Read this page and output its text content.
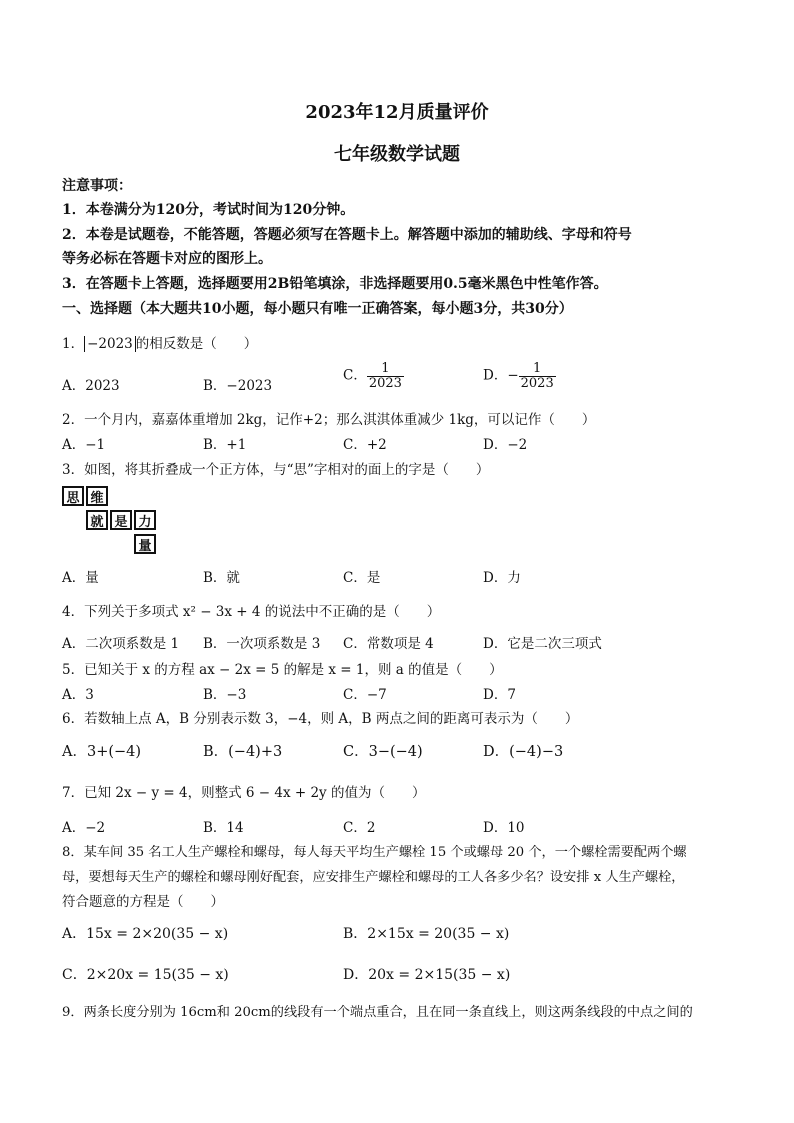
2023年12月质量评价
七年级数学试题
注意事项：
1．本卷满分为120分，考试时间为120分钟。
2．本卷是试题卷，不能答题，答题必须写在答题卡上。解答题中添加的辅助线、字母和符号
等务必标在答题卡对应的图形上。
3．在答题卡上答题，选择题要用2B铅笔填涂，非选择题要用0.5毫米黑色中性笔作答。
一、选择题（本大题共10小题，每小题只有唯一正确答案，每小题3分，共30分）
1． −2023 的相反数是（　　）
A．2023	B．−2023
C． $\frac{1}{2023}$	D．− $\frac{1}{2023}$
2．一个月内，嘉嘉体重增加 2kg，记作+2；那么淇淇体重减少 1kg，可以记作（　　）
A．−1	B．+1	C．+2	D．−2
3．如图，将其折叠成一个正方体，与“思”字相对的面上的字是（　　）
思 维
就 是 力
量
A．量	B．就	C．是	D．力
4．下列关于多项式 x² − 3x + 4 的说法中不正确的是（　　）
A．二次项系数是 1 B．一次项系数是 3 C．常数项是 4	D．它是二次三项式
5．已知关于 x 的方程 ax − 2x = 5 的解是 x = 1，则 a 的值是（　　）
A．3	B．−3	C．−7	D．7
6．若数轴上点 A，B 分别表示数 3，−4，则 A，B 两点之间的距离可表示为（　　）
A．3+(−4)	B．(−4)+3	C．3−(−4)	D．(−4)−3
7．已知 2x − y = 4，则整式 6 − 4x + 2y 的值为（　　）
A．−2	B．14	C．2	D．10
8．某车间 35 名工人生产螺栓和螺母，每人每天平均生产螺栓 15 个或螺母 20 个，一个螺栓需要配两个螺
母，要想每天生产的螺栓和螺母刚好配套，应安排生产螺栓和螺母的工人各多少名？设安排 x 人生产螺栓，
符合题意的方程是（　　）
A．15x = 2×20(35 − x)	B．2×15x = 20(35 − x)
C．2×20x = 15(35 − x)	D．20x = 2×15(35 − x)
9．两条长度分别为 16cm和 20cm的线段有一个端点重合，且在同一条直线上，则这两条线段的中点之间的
